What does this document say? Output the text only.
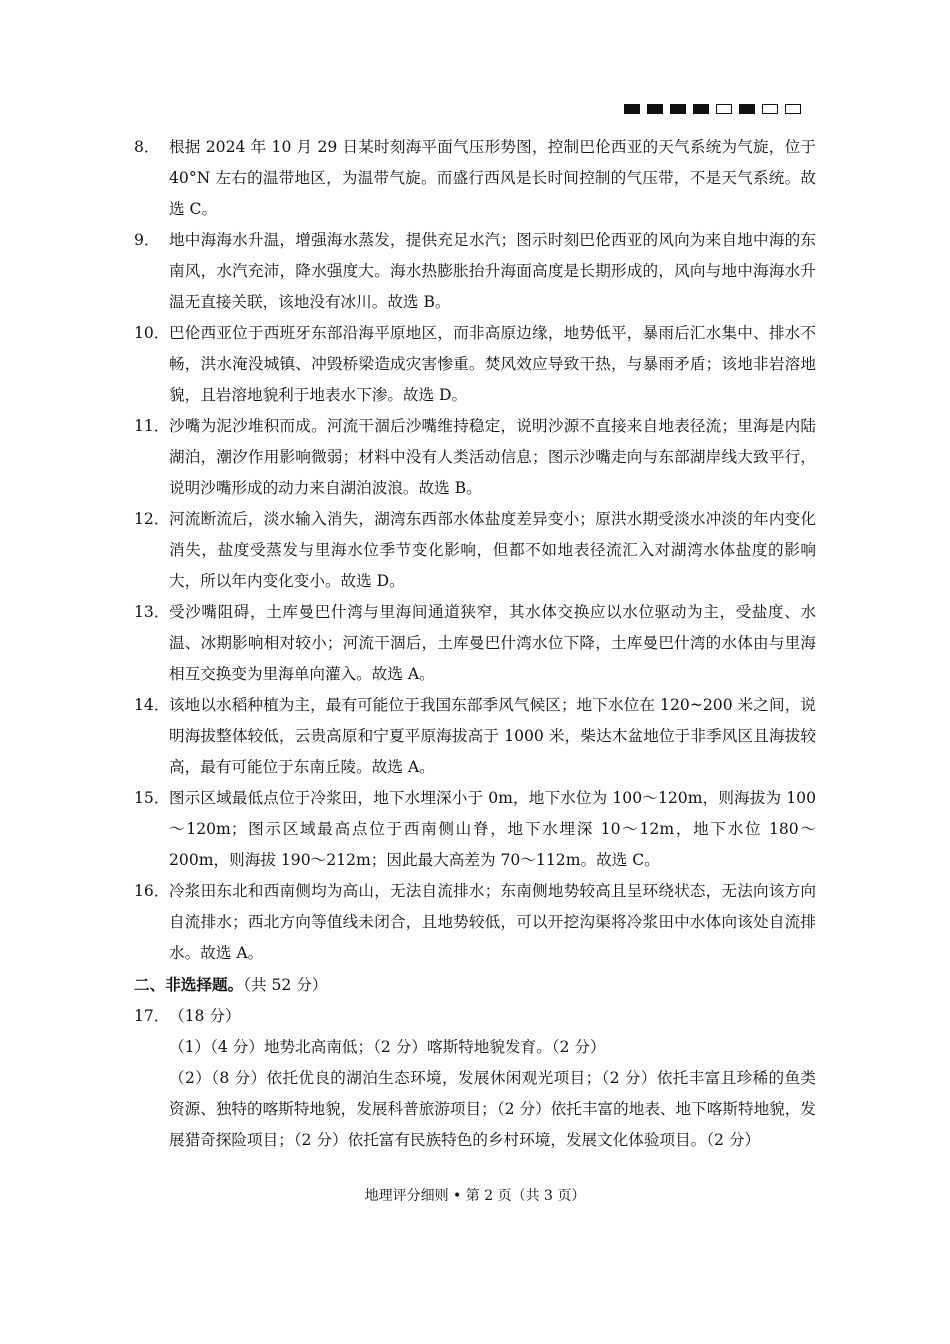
8． 根据 2024 年 10 月 29 日某时刻海平面气压形势图，控制巴伦西亚的天气系统为气旋，位于 40°N 左右的温带地区，为温带气旋。而盛行西风是长时间控制的气压带，不是天气系统。故选 C。
9． 地中海海水升温，增强海水蒸发，提供充足水汽；图示时刻巴伦西亚的风向为来自地中海的东南风，水汽充沛，降水强度大。海水热膨胀抬升海面高度是长期形成的，风向与地中海海水升温无直接关联，该地没有冰川。故选 B。
10． 巴伦西亚位于西班牙东部沿海平原地区，而非高原边缘，地势低平，暴雨后汇水集中、排水不畅，洪水淹没城镇、冲毁桥梁造成灾害惨重。焚风效应导致干热，与暴雨矛盾；该地非岩溶地貌，且岩溶地貌利于地表水下渗。故选 D。
11． 沙嘴为泥沙堆积而成。河流干涸后沙嘴维持稳定，说明沙源不直接来自地表径流；里海是内陆湖泊，潮汐作用影响微弱；材料中没有人类活动信息；图示沙嘴走向与东部湖岸线大致平行，说明沙嘴形成的动力来自湖泊波浪。故选 B。
12． 河流断流后，淡水输入消失，湖湾东西部水体盐度差异变小；原洪水期受淡水冲淡的年内变化消失，盐度受蒸发与里海水位季节变化影响，但都不如地表径流汇入对湖湾水体盐度的影响大，所以年内变化变小。故选 D。
13． 受沙嘴阻碍，土库曼巴什湾与里海间通道狭窄，其水体交换应以水位驱动为主，受盐度、水温、冰期影响相对较小；河流干涸后，土库曼巴什湾水位下降，土库曼巴什湾的水体由与里海相互交换变为里海单向灌入。故选 A。
14． 该地以水稻种植为主，最有可能位于我国东部季风气候区；地下水位在 120~200 米之间，说明海拔整体较低，云贵高原和宁夏平原海拔高于 1000 米，柴达木盆地位于非季风区且海拔较高，最有可能位于东南丘陵。故选 A。
15． 图示区域最低点位于冷浆田，地下水埋深小于 0m，地下水位为 100～120m，则海拔为 100～120m；图示区域最高点位于西南侧山脊，地下水埋深 10～12m，地下水位 180～200m，则海拔 190～212m；因此最大高差为 70～112m。故选 C。
16． 冷浆田东北和西南侧均为高山，无法自流排水；东南侧地势较高且呈环绕状态，无法向该方向自流排水；西北方向等值线未闭合，且地势较低，可以开挖沟渠将冷浆田中水体向该处自流排水。故选 A。
二、非选择题。（共 52 分）
17． （18 分）
（1）（4 分）地势北高南低；（2 分）喀斯特地貌发育。（2 分）
（2）（8 分）依托优良的湖泊生态环境，发展休闲观光项目；（2 分）依托丰富且珍稀的鱼类资源、独特的喀斯特地貌，发展科普旅游项目；（2 分）依托丰富的地表、地下喀斯特地貌，发展猎奇探险项目；（2 分）依托富有民族特色的乡村环境，发展文化体验项目。（2 分）
地理评分细则 • 第 2 页（共 3 页）
